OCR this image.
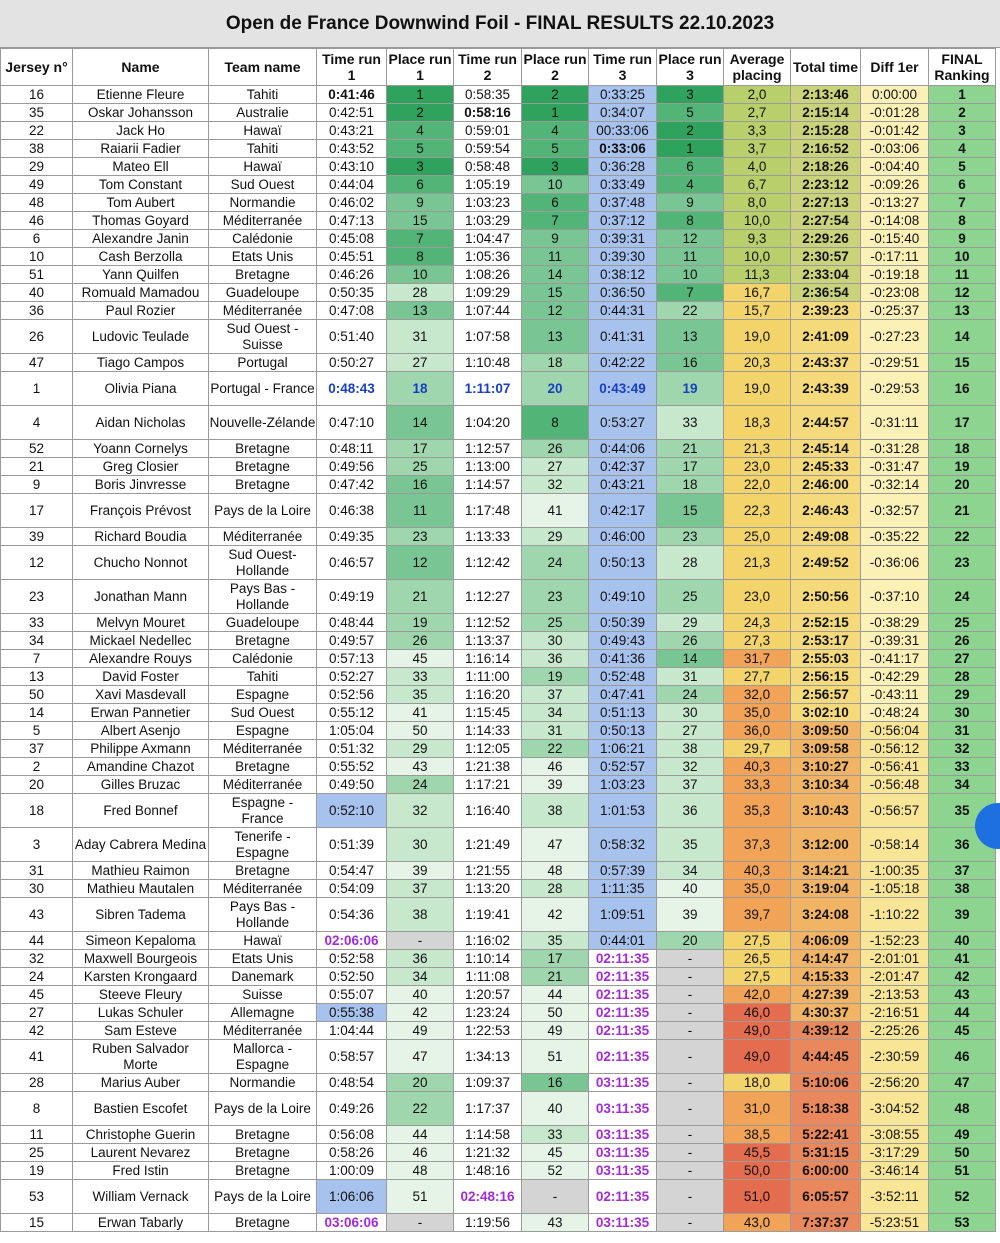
Open de France Downwind Foil - FINAL RESULTS 22.10.2023
Jersey n°	Name	Team name	Time run 1	Place run 1	Time run 2	Place run 2	Time run 3	Place run 3	Average placing	Total time	Diff 1er	FINAL Ranking
16	Etienne Fleure	Tahiti	0:41:46	1	0:58:35	2	0:33:25	3	2,0	2:13:46	0:00:00	1
35	Oskar Johansson	Australie	0:42:51	2	0:58:16	1	0:34:07	5	2,7	2:15:14	-0:01:28	2
22	Jack Ho	Hawaï	0:43:21	4	0:59:01	4	00:33:06	2	3,3	2:15:28	-0:01:42	3
38	Raiarii Fadier	Tahiti	0:43:52	5	0:59:54	5	0:33:06	1	3,7	2:16:52	-0:03:06	4
29	Mateo Ell	Hawaï	0:43:10	3	0:58:48	3	0:36:28	6	4,0	2:18:26	-0:04:40	5
49	Tom Constant	Sud Ouest	0:44:04	6	1:05:19	10	0:33:49	4	6,7	2:23:12	-0:09:26	6
48	Tom Aubert	Normandie	0:46:02	9	1:03:23	6	0:37:48	9	8,0	2:27:13	-0:13:27	7
46	Thomas Goyard	Méditerranée	0:47:13	15	1:03:29	7	0:37:12	8	10,0	2:27:54	-0:14:08	8
6	Alexandre Janin	Calédonie	0:45:08	7	1:04:47	9	0:39:31	12	9,3	2:29:26	-0:15:40	9
10	Cash Berzolla	Etats Unis	0:45:51	8	1:05:36	11	0:39:30	11	10,0	2:30:57	-0:17:11	10
51	Yann Quilfen	Bretagne	0:46:26	10	1:08:26	14	0:38:12	10	11,3	2:33:04	-0:19:18	11
40	Romuald Mamadou	Guadeloupe	0:50:35	28	1:09:29	15	0:36:50	7	16,7	2:36:54	-0:23:08	12
36	Paul Rozier	Méditerranée	0:47:08	13	1:07:44	12	0:44:31	22	15,7	2:39:23	-0:25:37	13
26	Ludovic Teulade	Sud Ouest - Suisse	0:51:40	31	1:07:58	13	0:41:31	13	19,0	2:41:09	-0:27:23	14
47	Tiago Campos	Portugal	0:50:27	27	1:10:48	18	0:42:22	16	20,3	2:43:37	-0:29:51	15
1	Olivia Piana	Portugal - France	0:48:43	18	1:11:07	20	0:43:49	19	19,0	2:43:39	-0:29:53	16
4	Aidan Nicholas	Nouvelle-Zélande	0:47:10	14	1:04:20	8	0:53:27	33	18,3	2:44:57	-0:31:11	17
52	Yoann Cornelys	Bretagne	0:48:11	17	1:12:57	26	0:44:06	21	21,3	2:45:14	-0:31:28	18
21	Greg Closier	Bretagne	0:49:56	25	1:13:00	27	0:42:37	17	23,0	2:45:33	-0:31:47	19
9	Boris Jinvresse	Bretagne	0:47:42	16	1:14:57	32	0:43:21	18	22,0	2:46:00	-0:32:14	20
17	François Prévost	Pays de la Loire	0:46:38	11	1:17:48	41	0:42:17	15	22,3	2:46:43	-0:32:57	21
39	Richard Boudia	Méditerranée	0:49:35	23	1:13:33	29	0:46:00	23	25,0	2:49:08	-0:35:22	22
12	Chucho Nonnot	Sud Ouest-Hollande	0:46:57	12	1:12:42	24	0:50:13	28	21,3	2:49:52	-0:36:06	23
23	Jonathan Mann	Pays Bas - Hollande	0:49:19	21	1:12:27	23	0:49:10	25	23,0	2:50:56	-0:37:10	24
33	Melvyn Mouret	Guadeloupe	0:48:44	19	1:12:52	25	0:50:39	29	24,3	2:52:15	-0:38:29	25
34	Mickael Nedellec	Bretagne	0:49:57	26	1:13:37	30	0:49:43	26	27,3	2:53:17	-0:39:31	26
7	Alexandre Rouys	Calédonie	0:57:13	45	1:16:14	36	0:41:36	14	31,7	2:55:03	-0:41:17	27
13	David Foster	Tahiti	0:52:27	33	1:11:00	19	0:52:48	31	27,7	2:56:15	-0:42:29	28
50	Xavi Masdevall	Espagne	0:52:56	35	1:16:20	37	0:47:41	24	32,0	2:56:57	-0:43:11	29
14	Erwan Pannetier	Sud Ouest	0:55:12	41	1:15:45	34	0:51:13	30	35,0	3:02:10	-0:48:24	30
5	Albert Asenjo	Espagne	1:05:04	50	1:14:33	31	0:50:13	27	36,0	3:09:50	-0:56:04	31
37	Philippe Axmann	Méditerranée	0:51:32	29	1:12:05	22	1:06:21	38	29,7	3:09:58	-0:56:12	32
2	Amandine Chazot	Bretagne	0:55:52	43	1:21:38	46	0:52:57	32	40,3	3:10:27	-0:56:41	33
20	Gilles Bruzac	Méditerranée	0:49:50	24	1:17:21	39	1:03:23	37	33,3	3:10:34	-0:56:48	34
18	Fred Bonnef	Espagne - France	0:52:10	32	1:16:40	38	1:01:53	36	35,3	3:10:43	-0:56:57	35
3	Aday Cabrera Medina	Tenerife - Espagne	0:51:39	30	1:21:49	47	0:58:32	35	37,3	3:12:00	-0:58:14	36
31	Mathieu Raimon	Bretagne	0:54:47	39	1:21:55	48	0:57:39	34	40,3	3:14:21	-1:00:35	37
30	Mathieu Mautalen	Méditerranée	0:54:09	37	1:13:20	28	1:11:35	40	35,0	3:19:04	-1:05:18	38
43	Sibren Tadema	Pays Bas - Hollande	0:54:36	38	1:19:41	42	1:09:51	39	39,7	3:24:08	-1:10:22	39
44	Simeon Kepaloma	Hawaï	02:06:06	-	1:16:02	35	0:44:01	20	27,5	4:06:09	-1:52:23	40
32	Maxwell Bourgeois	Etats Unis	0:52:58	36	1:10:14	17	02:11:35	-	26,5	4:14:47	-2:01:01	41
24	Karsten Krongaard	Danemark	0:52:50	34	1:11:08	21	02:11:35	-	27,5	4:15:33	-2:01:47	42
45	Steeve Fleury	Suisse	0:55:07	40	1:20:57	44	02:11:35	-	42,0	4:27:39	-2:13:53	43
27	Lukas Schuler	Allemagne	0:55:38	42	1:23:24	50	02:11:35	-	46,0	4:30:37	-2:16:51	44
42	Sam Esteve	Méditerranée	1:04:44	49	1:22:53	49	02:11:35	-	49,0	4:39:12	-2:25:26	45
41	Ruben Salvador Morte	Mallorca - Espagne	0:58:57	47	1:34:13	51	02:11:35	-	49,0	4:44:45	-2:30:59	46
28	Marius Auber	Normandie	0:48:54	20	1:09:37	16	03:11:35	-	18,0	5:10:06	-2:56:20	47
8	Bastien Escofet	Pays de la Loire	0:49:26	22	1:17:37	40	03:11:35	-	31,0	5:18:38	-3:04:52	48
11	Christophe Guerin	Bretagne	0:56:08	44	1:14:58	33	03:11:35	-	38,5	5:22:41	-3:08:55	49
25	Laurent Nevarez	Bretagne	0:58:26	46	1:21:32	45	03:11:35	-	45,5	5:31:15	-3:17:29	50
19	Fred Istin	Bretagne	1:00:09	48	1:48:16	52	03:11:35	-	50,0	6:00:00	-3:46:14	51
53	William Vernack	Pays de la Loire	1:06:06	51	02:48:16	-	02:11:35	-	51,0	6:05:57	-3:52:11	52
15	Erwan Tabarly	Bretagne	03:06:06	-	1:19:56	43	03:11:35	-	43,0	7:37:37	-5:23:51	53
